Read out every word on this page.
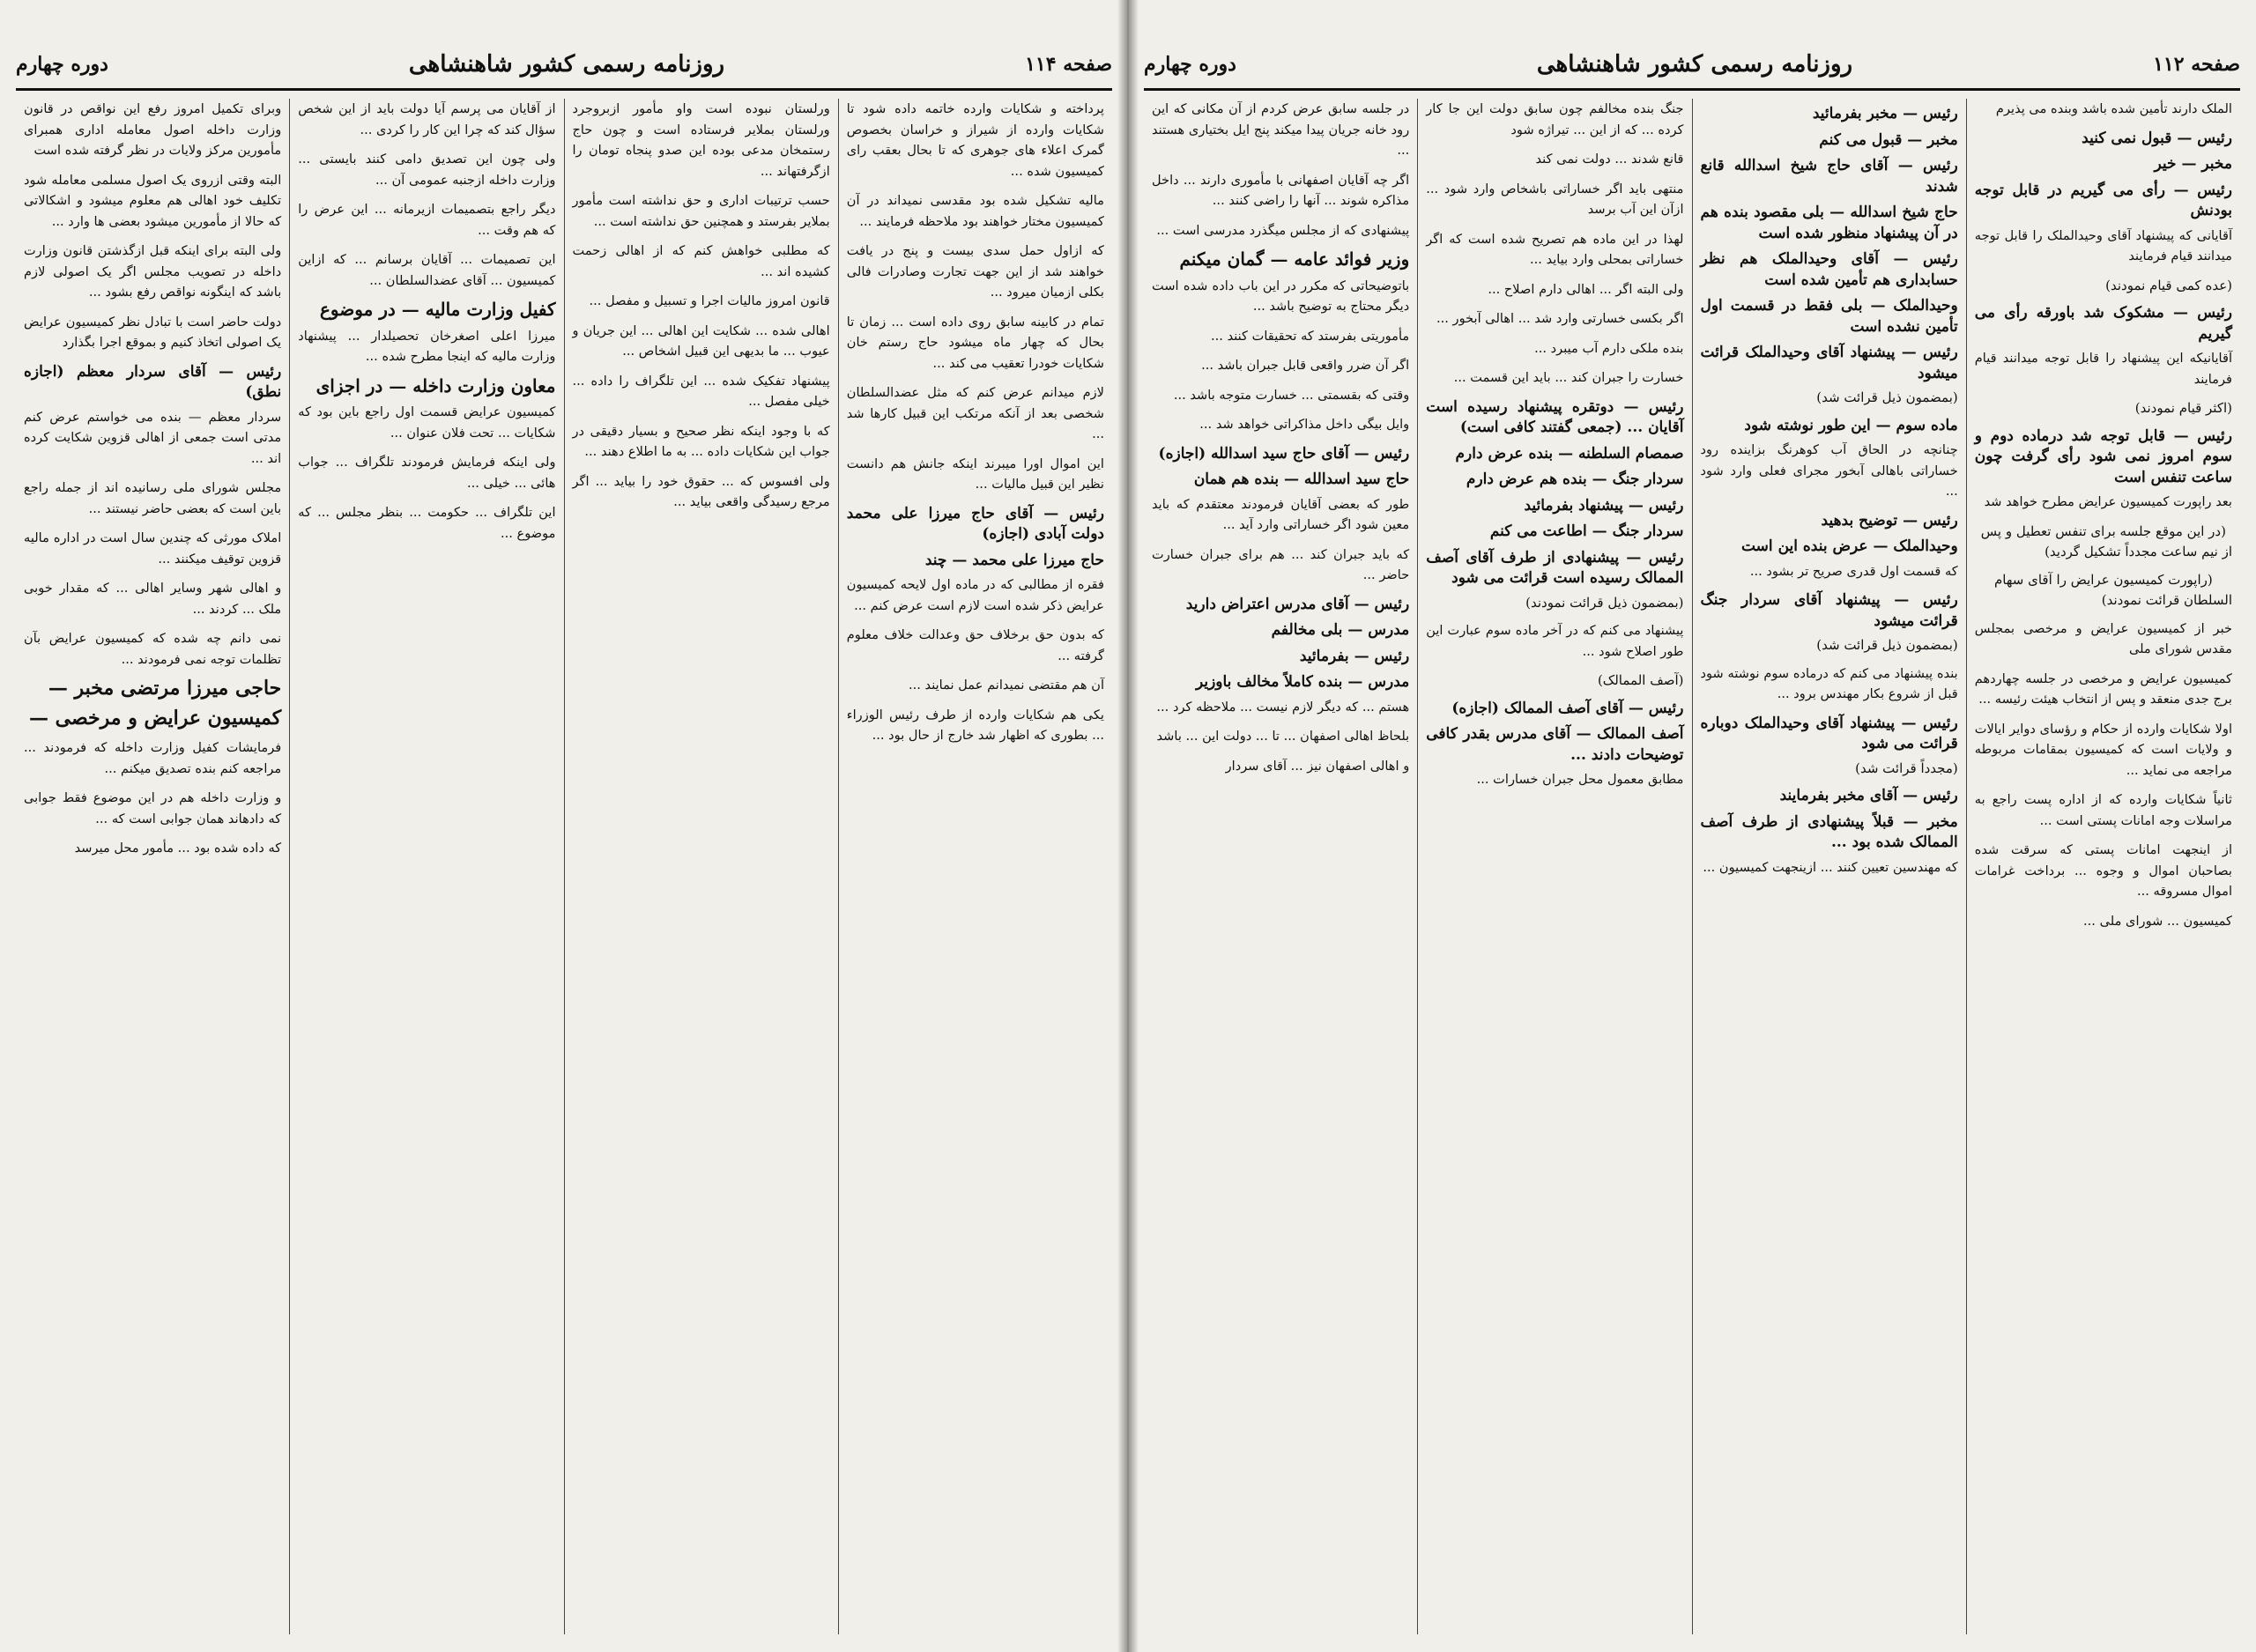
صفحه ۱۱۴
روزنامه رسمی کشور شاهنشاهی
دوره چهارم

پرداخته و شکایات وارده خاتمه داده شود تا شکایات وارده از شیراز و خراسان بخصوص گمرک اعلاء های جوهری که تا بحال بعقب رای کمیسیون شده ...

مالیه تشکیل شده بود مقدسی نمیداند در آن کمیسیون مختار خواهند بود ملاحظه فرمایند ...

که ازاول حمل سدی بیست و پنج در یافت خواهند شد از این جهت تجارت وصادرات فالی بکلی ازمیان میرود ...

تمام در کابینه سابق روی داده است ... زمان تا بحال که چهار ماه میشود حاج رستم خان شکایات خودرا تعقیب می کند ...

لازم میدانم عرض کنم که مثل عضدالسلطان شخصی بعد از آنکه مرتکب این قبیل کارها شد ...

این اموال اورا میبرند اینکه جانش هم دانست نظیر این قبیل مالیات ...

رئیس — آقای حاج میرزا علی محمد دولت آبادی (اجازه)

حاج میرزا علی محمد — چند

فقره از مطالبی که در ماده اول لایحه کمیسیون عرایض ذکر شده است لازم است عرض کنم ...

که بدون حق برخلاف حق وعدالت خلاف معلوم گرفته ...

آن هم مقتضی نمیدانم عمل نمایند ...

یکی هم شکایات وارده از طرف رئیس الوزراء ... بطوری که اظهار شد خارج از حال بود ...

ورلستان نبوده است واو مأمور ازبروجرد ورلستان بملایر فرستاده است و چون حاج رستمخان مدعی بوده این صدو پنجاه تومان را ازگرفتهاند ...

حسب ترتیبات اداری و حق نداشته است مأمور بملایر بفرستد و همچنین حق نداشته است ...

که مطلبی خواهش کنم که از اهالی زحمت کشیده اند ...

قانون امروز مالیات اجرا و تسبیل و مفصل ...

اهالی شده ... شکایت این اهالی ... این جریان و عیوب ... ما بدیهی این قبیل اشخاص ...

پیشنهاد تفکیک شده ... این تلگراف را داده ... خیلی مفصل ...

که با وجود اینکه نظر صحیح و بسیار دقیقی در جواب این شکایات داده ... به ما اطلاع دهند ...

ولی افسوس که ... حقوق خود را بیاید ... اگر مرجع رسیدگی واقعی بیاید ...

از آقایان می پرسم آیا دولت باید از این شخص سؤال کند که چرا این کار را کردی ...

ولی چون این تصدیق دامی کنند بایستی ... وزارت داخله ازجنبه عمومی آن ...

دیگر راجع بتصمیمات ازیرمانه ... این عرض را که هم وقت ...

این تصمیمات ... آقایان برسانم ... که ازاین کمیسیون ... آقای عضدالسلطان ...

کفیل وزارت مالیه — در موضوع

میرزا اعلی اصغرخان تحصیلدار ... پیشنهاد وزارت مالیه که اینجا مطرح شده ...

معاون وزارت داخله — در اجزای

کمیسیون عرایض قسمت اول راجع باین بود که شکایات ... تحت فلان عنوان ...

ولی اینکه فرمایش فرمودند تلگراف ... جواب هائی ... خیلی ...

این تلگراف ... حکومت ... بنظر مجلس ... که موضوع ...

وبرای تکمیل امروز رفع این نواقص در قانون وزارت داخله اصول معامله اداری همبرای مأمورین مرکز ولایات در نظر گرفته شده است

البته وقتی ازروی یک اصول مسلمی معامله شود تکلیف خود اهالی هم معلوم میشود و اشکالاتی که حالا از مأمورین میشود بعضی ها وارد ...

ولی البته برای اینکه قبل ازگذشتن قانون وزارت داخله در تصویب مجلس اگر یک اصولی لازم باشد که اینگونه نواقص رفع بشود ...

دولت حاضر است با تبادل نظر کمیسیون عرایض یک اصولی اتخاذ کنیم و بموقع اجرا بگذارد

رئیس — آقای سردار معظم (اجازه نطق)

سردار معظم — بنده می خواستم عرض کنم مدتی است جمعی از اهالی قزوین شکایت کرده اند ...

مجلس شورای ملی رسانیده اند از جمله راجع باین است که بعضی حاضر نیستند ...

املاک مورثی که چندین سال است در اداره مالیه قزوین توقیف میکنند ...

و اهالی شهر وسایر اهالی ... که مقدار خوبی ملک ... کردند ...

نمی دانم چه شده که کمیسیون عرایض بآن تظلمات توجه نمی فرمودند ...

حاجی میرزا مرتضی مخبر —

کمیسیون عرایض و مرخصی —

فرمایشات کفیل وزارت داخله که فرمودند ... مراجعه کنم بنده تصدیق میکنم ...

و وزارت داخله هم در این موضوع فقط جوابی که دادهاند همان جوابی است که ...

که داده شده بود ... مأمور محل میرسد

صفحه ۱۱۲
روزنامه رسمی کشور شاهنشاهی
دوره چهارم

الملک دارند تأمین شده باشد وبنده می پذیرم

رئیس — قبول نمی کنید

مخبر — خیر

رئیس — رأی می گیریم در قابل توجه بودنش

آقایانی که پیشنهاد آقای وحیدالملک را قابل توجه میدانند قیام فرمایند

(عده کمی قیام نمودند)

رئیس — مشکوک شد باورقه رأی می گیریم

آقایانیکه این پیشنهاد را قابل توجه میدانند قیام فرمایند

(اکثر قیام نمودند)

رئیس — قابل توجه شد درماده دوم و سوم امروز نمی شود رأی گرفت چون ساعت تنفس است

بعد راپورت کمیسیون عرایض مطرح خواهد شد

(در این موقع جلسه برای تنفس تعطیل و پس از نیم ساعت مجدداً تشکیل گردید)

(راپورت کمیسیون عرایض را آقای سهام السلطان قرائت نمودند)

خبر از کمیسیون عرایض و مرخصی بمجلس مقدس شورای ملی

کمیسیون عرایض و مرخصی در جلسه چهاردهم برج جدی منعقد و پس از انتخاب هیئت رئیسه ...

اولا شکایات وارده از حکام و رؤسای دوایر ایالات و ولایات است که کمیسیون بمقامات مربوطه مراجعه می نماید ...

ثانیاً شکایات وارده که از اداره پست راجع به مراسلات وجه امانات پستی است ...

از اینجهت امانات پستی که سرقت شده بصاحبان اموال و وجوه ... برداخت غرامات اموال مسروقه ...

کمیسیون ... شورای ملی ...

رئیس — مخبر بفرمائید

مخبر — قبول می کنم

رئیس — آقای حاج شیخ اسدالله قانع شدند

حاج شیخ اسدالله — بلی مقصود بنده هم در آن پیشنهاد منظور شده است

رئیس — آقای وحیدالملک هم نظر حسابداری هم تأمین شده است

وحیدالملک — بلی فقط در قسمت اول تأمین نشده است

رئیس — پیشنهاد آقای وحیدالملک قرائت میشود

(بمضمون ذیل قرائت شد)

ماده سوم — این طور نوشته شود

چنانچه در الحاق آب کوهرنگ بزاینده رود خساراتی باهالی آبخور مجرای فعلی وارد شود ...

رئیس — توضیح بدهید

وحیدالملک — عرض بنده این است

که قسمت اول قدری صریح تر بشود ...

رئیس — پیشنهاد آقای سردار جنگ قرائت میشود

(بمضمون ذیل قرائت شد)

بنده پیشنهاد می کنم که درماده سوم نوشته شود قبل از شروع بکار مهندس برود ...

رئیس — پیشنهاد آقای وحیدالملک دوباره قرائت می شود

(مجدداً قرائت شد)

رئیس — آقای مخبر بفرمایند

مخبر — قبلاً پیشنهادی از طرف آصف الممالک شده بود ...

که مهندسین تعیین کنند ... ازینجهت کمیسیون ...

جنگ بنده مخالفم چون سابق دولت این جا کار کرده ... که از این ... تیراژه شود

قانع شدند ... دولت نمی کند

منتهی باید اگر خساراتی باشخاص وارد شود ... ازآن این آب برسد

لهذا در این ماده هم تصریح شده است که اگر خساراتی بمحلی وارد بیاید ...

ولی البته اگر ... اهالی دارم اصلاح ...

اگر بکسی خسارتی وارد شد ... اهالی آبخور ...

بنده ملکی دارم آب میبرد ...

خسارت را جبران کند ... باید این قسمت ...

رئیس — دوتقره پیشنهاد رسیده است آقایان ... (جمعی گفتند کافی است)

صمصام السلطنه — بنده عرض دارم

سردار جنگ — بنده هم عرض دارم

رئیس — پیشنهاد بفرمائید

سردار جنگ — اطاعت می کنم

رئیس — پیشنهادی از طرف آقای آصف الممالک رسیده است قرائت می شود

(بمضمون ذیل قرائت نمودند)

پیشنهاد می کنم که در آخر ماده سوم عبارت این طور اصلاح شود ...

(آصف الممالک)

رئیس — آقای آصف الممالک (اجازه)

آصف الممالک — آقای مدرس بقدر کافی توضیحات دادند ...

مطابق معمول محل جبران خسارات ...

در جلسه سابق عرض کردم از آن مکانی که این رود خانه جریان پیدا میکند پنج ایل بختیاری هستند ...

اگر چه آقایان اصفهانی با مأموری دارند ... داخل مذاکره شوند ... آنها را راضی کنند ...

پیشنهادی که از مجلس میگذرد مدرسی است ...

وزیر فوائد عامه — گمان میکنم

باتوضیحاتی که مکرر در این باب داده شده است دیگر محتاج به توضیح باشد ...

مأموریتی بفرستد که تحقیقات کنند ...

اگر آن ضرر واقعی قابل جبران باشد ...

وقتی که بقسمتی ... خسارت متوجه باشد ...

وایل بیگی داخل مذاکراتی خواهد شد ...

رئیس — آقای حاج سید اسدالله (اجازه)

حاج سید اسدالله — بنده هم همان

طور که بعضی آقایان فرمودند معتقدم که باید معین شود اگر خساراتی وارد آید ...

که باید جبران کند ... هم برای جبران خسارت حاضر ...

رئیس — آقای مدرس اعتراض دارید

مدرس — بلی مخالفم

رئیس — بفرمائید

مدرس — بنده کاملاً مخالف باوزیر

هستم ... که دیگر لازم نیست ... ملاحظه کرد ...

بلحاظ اهالی اصفهان ... تا ... دولت این ... باشد

و اهالی اصفهان نیز ... آقای سردار
